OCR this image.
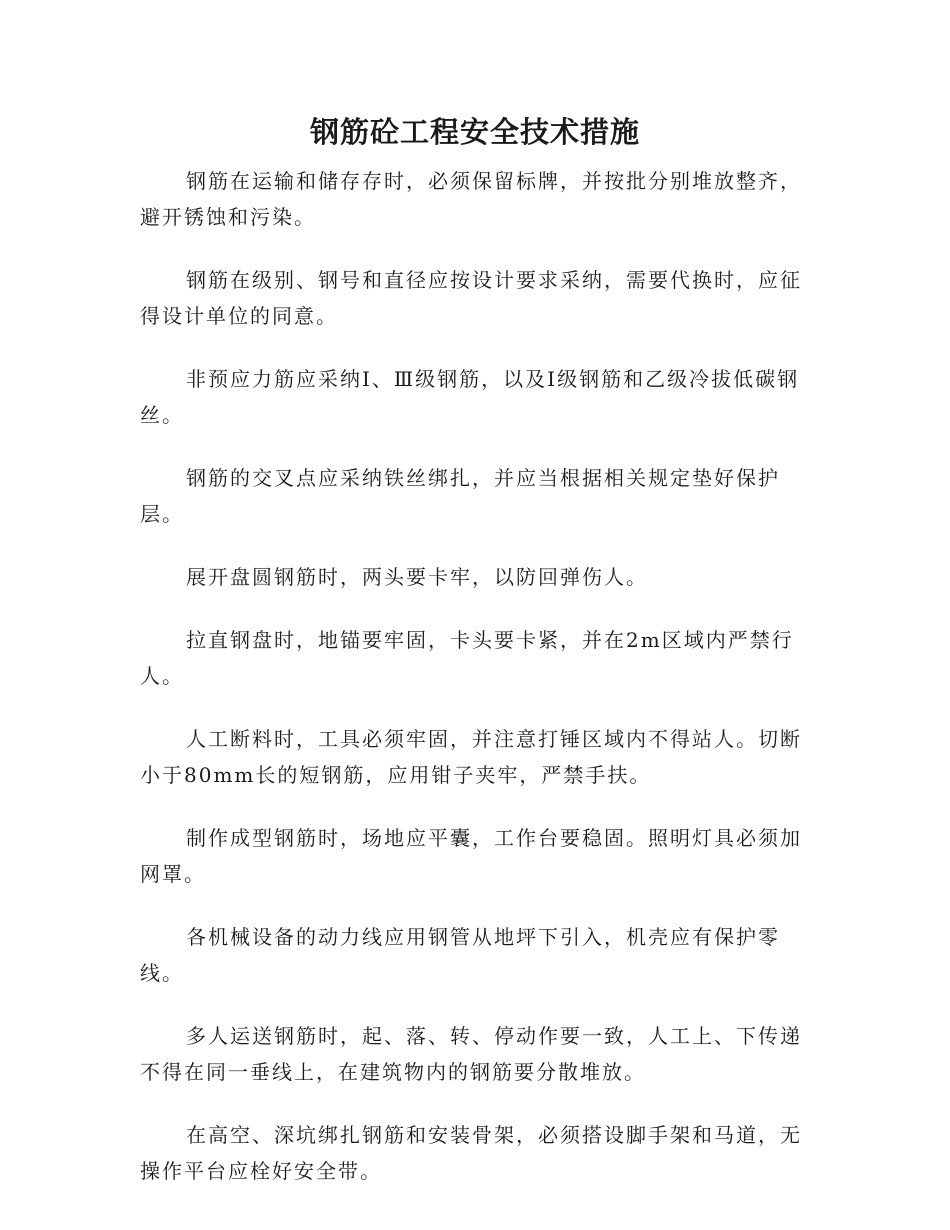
钢筋砼工程安全技术措施

钢筋在运输和储存存时，必须保留标牌，并按批分别堆放整齐，避开锈蚀和污染。

钢筋在级别、钢号和直径应按设计要求采纳，需要代换时，应征得设计单位的同意。

非预应力筋应采纳Ⅰ、Ⅲ级钢筋，以及Ⅰ级钢筋和乙级冷拔低碳钢丝。

钢筋的交叉点应采纳铁丝绑扎，并应当根据相关规定垫好保护层。

展开盘圆钢筋时，两头要卡牢，以防回弹伤人。

拉直钢盘时，地锚要牢固，卡头要卡紧，并在2m区域内严禁行人。

人工断料时，工具必须牢固，并注意打锤区域内不得站人。切断小于80mm长的短钢筋，应用钳子夹牢，严禁手扶。

制作成型钢筋时，场地应平囊，工作台要稳固。照明灯具必须加网罩。

各机械设备的动力线应用钢管从地坪下引入，机壳应有保护零线。

多人运送钢筋时，起、落、转、停动作要一致，人工上、下传递不得在同一垂线上，在建筑物内的钢筋要分散堆放。

在高空、深坑绑扎钢筋和安装骨架，必须搭设脚手架和马道，无操作平台应栓好安全带。
